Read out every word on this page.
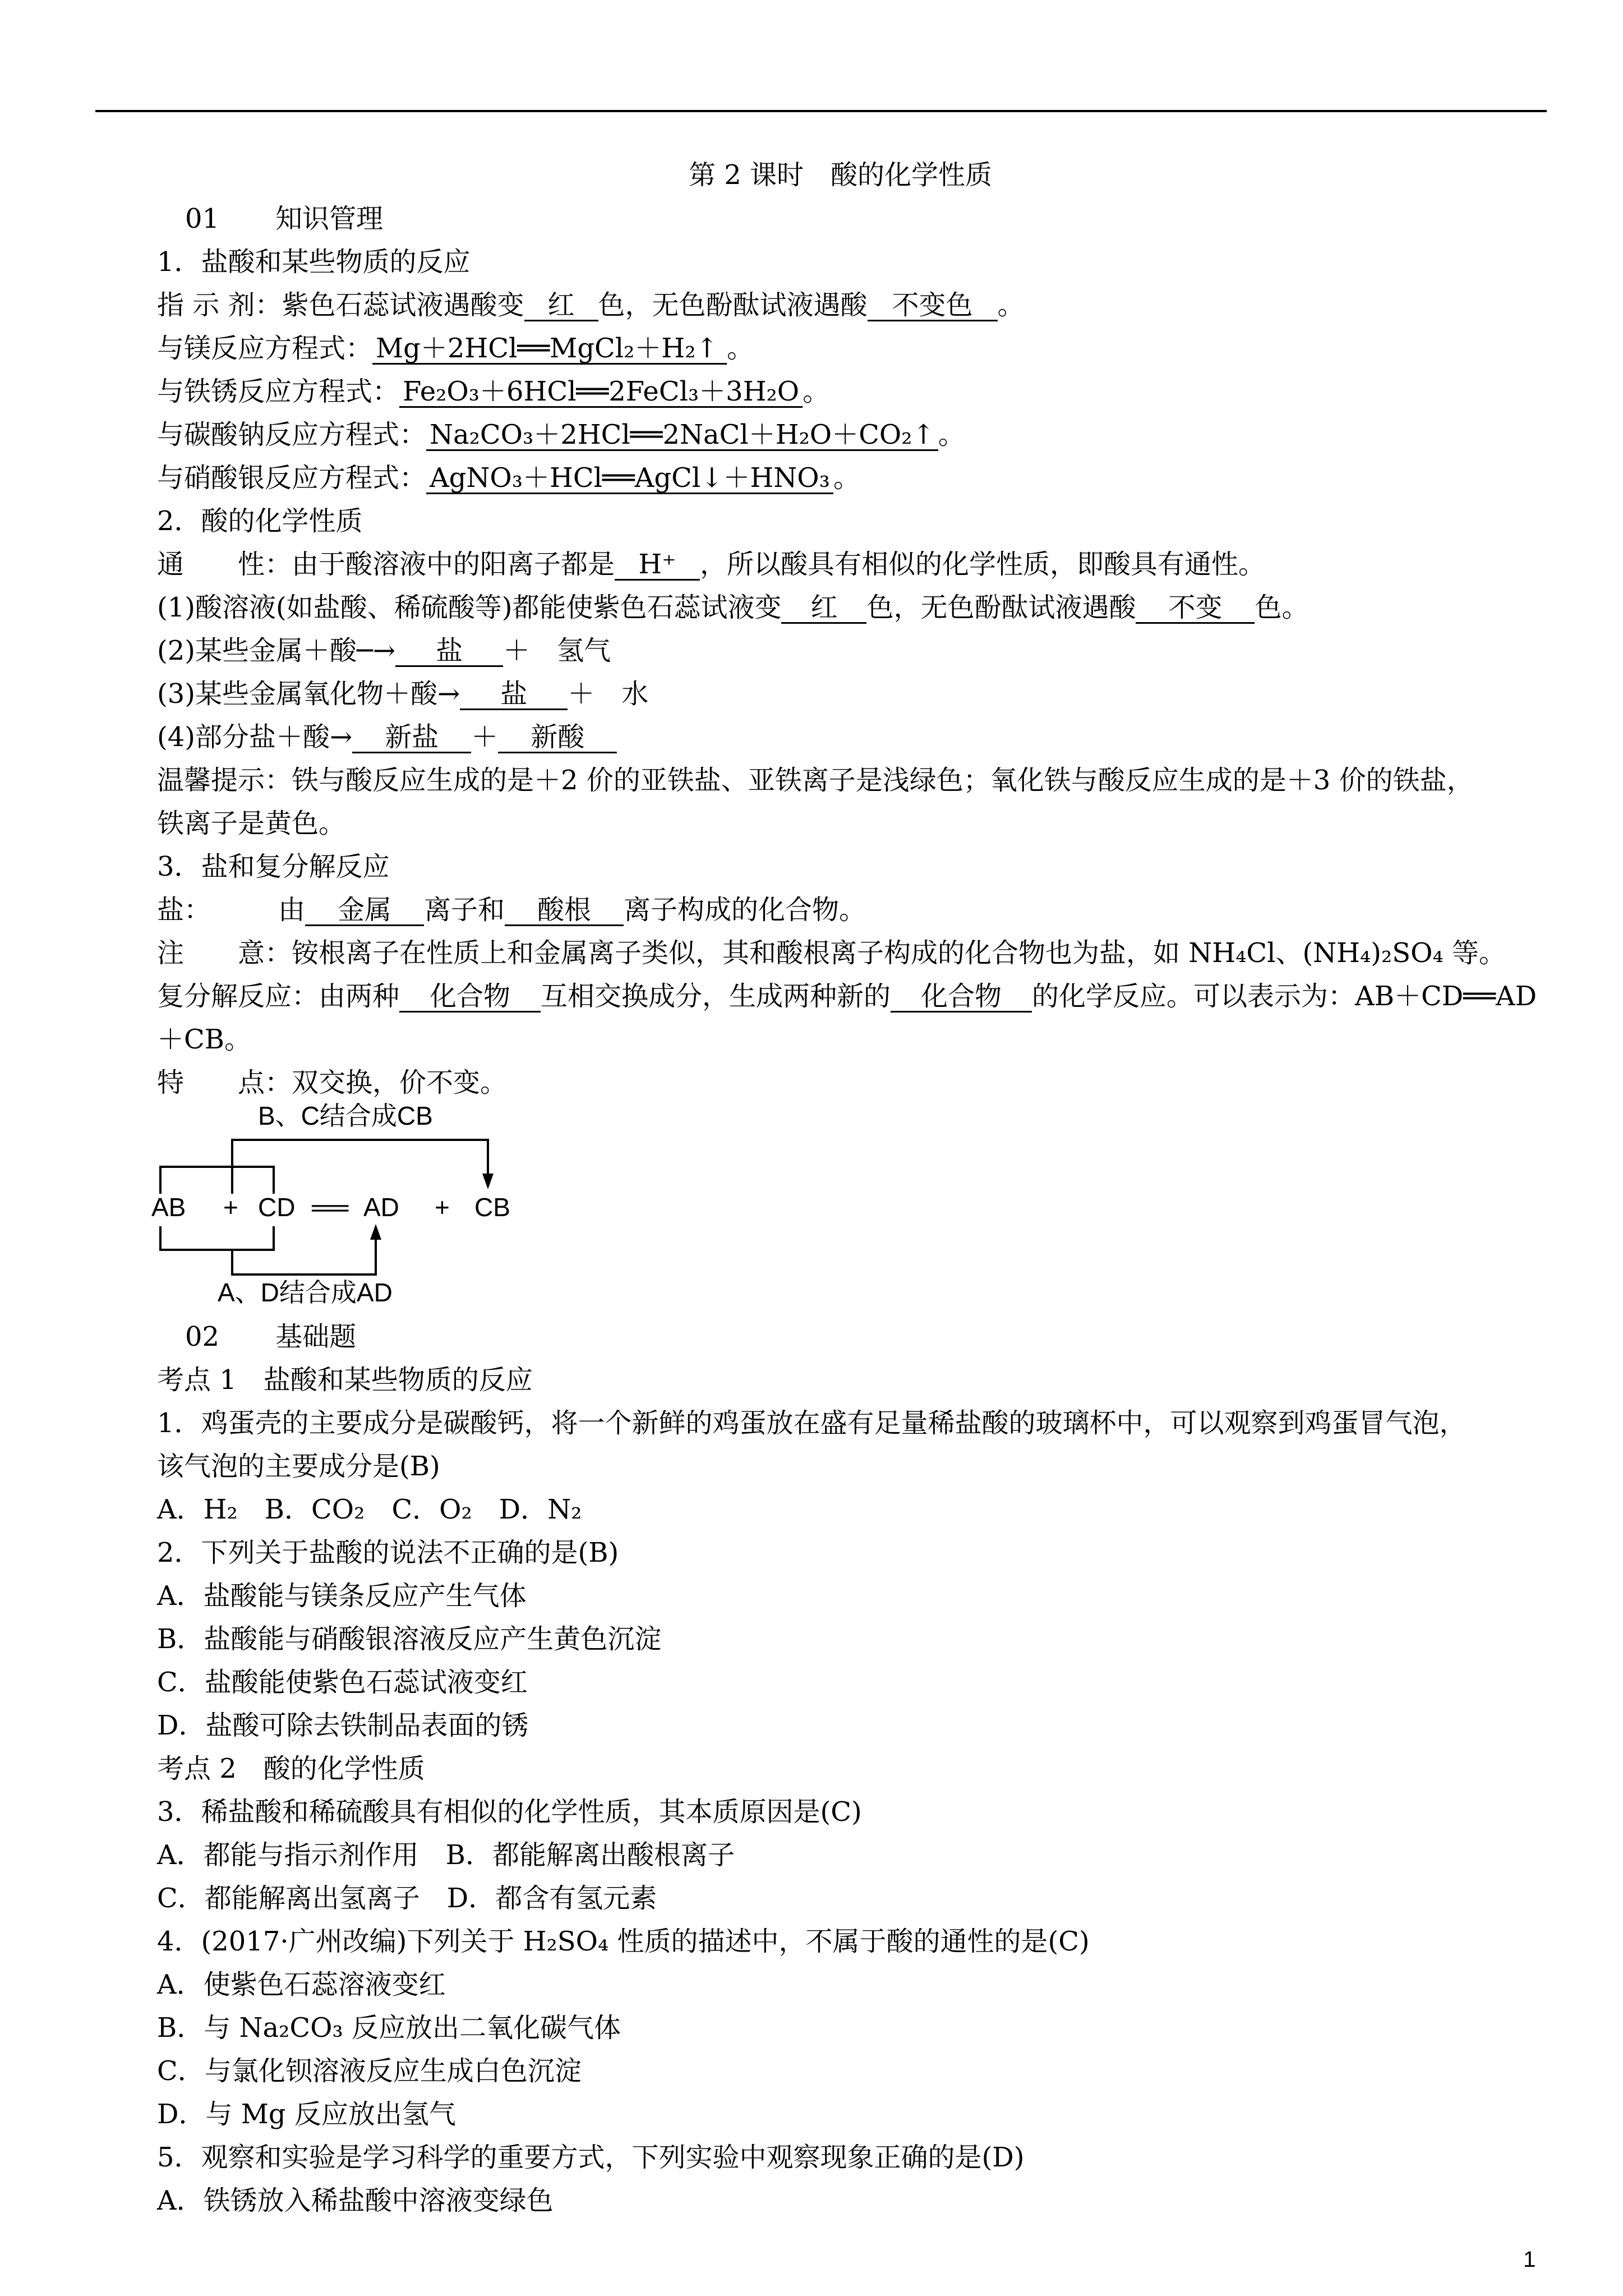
第 2 课时　酸的化学性质
01 知识管理
1．盐酸和某些物质的反应
指 示 剂：紫色石蕊试液遇酸变 红 色，无色酚酞试液遇酸 不变色 。
与镁反应方程式： Mg＋2HCl══MgCl₂＋H₂↑ 。
与铁锈反应方程式： Fe₂O₃＋6HCl══2FeCl₃＋3H₂O 。
与碳酸钠反应方程式： Na₂CO₃＋2HCl══2NaCl＋H₂O＋CO₂↑ 。
与硝酸银反应方程式： AgNO₃＋HCl══AgCl↓＋HNO₃ 。
2．酸的化学性质
通　　性：由于酸溶液中的阳离子都是 H⁺ ，所以酸具有相似的化学性质，即酸具有通性。
(1)酸溶液(如盐酸、稀硫酸等)都能使紫色石蕊试液变 红 色，无色酚酞试液遇酸 不变 色。
(2)某些金属＋酸─→ 盐 ＋　氢气
(3)某些金属氧化物＋酸→ 盐 ＋　水
(4)部分盐＋酸→ 新盐 ＋ 新酸
温馨提示：铁与酸反应生成的是＋2 价的亚铁盐、亚铁离子是浅绿色；氧化铁与酸反应生成的是＋3 价的铁盐，
铁离子是黄色。
3．盐和复分解反应
盐：　　　由 金属 离子和 酸根 离子构成的化合物。
注　　意：铵根离子在性质上和金属离子类似，其和酸根离子构成的化合物也为盐，如 NH₄Cl、(NH₄)₂SO₄ 等。
复分解反应：由两种 化合物 互相交换成分，生成两种新的 化合物 的化学反应。可以表示为：AB＋CD══AD
＋CB。
特　　点：双交换，价不变。
B、C结合成CB
AB + CD ══ AD + CB
A、D结合成AD
02 基础题
考点 1　盐酸和某些物质的反应
1．鸡蛋壳的主要成分是碳酸钙，将一个新鲜的鸡蛋放在盛有足量稀盐酸的玻璃杯中，可以观察到鸡蛋冒气泡，
该气泡的主要成分是(B)
A．H₂　B．CO₂　C．O₂　D．N₂
2．下列关于盐酸的说法不正确的是(B)
A．盐酸能与镁条反应产生气体
B．盐酸能与硝酸银溶液反应产生黄色沉淀
C．盐酸能使紫色石蕊试液变红
D．盐酸可除去铁制品表面的锈
考点 2　酸的化学性质
3．稀盐酸和稀硫酸具有相似的化学性质，其本质原因是(C)
A．都能与指示剂作用　B．都能解离出酸根离子
C．都能解离出氢离子　D．都含有氢元素
4．(2017·广州改编)下列关于 H₂SO₄ 性质的描述中，不属于酸的通性的是(C)
A．使紫色石蕊溶液变红
B．与 Na₂CO₃ 反应放出二氧化碳气体
C．与氯化钡溶液反应生成白色沉淀
D．与 Mg 反应放出氢气
5．观察和实验是学习科学的重要方式，下列实验中观察现象正确的是(D)
A．铁锈放入稀盐酸中溶液变绿色
1
